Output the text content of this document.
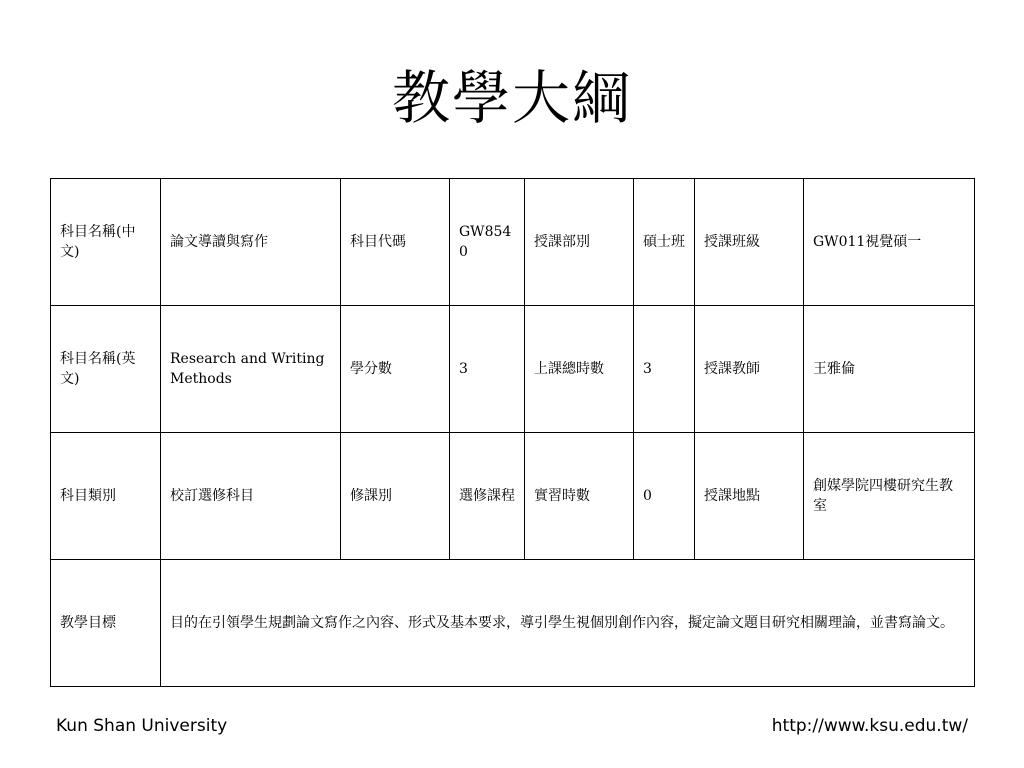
教學大綱
科目名稱(中文)	論文導讀與寫作	科目代碼	GW8540	授課部別	碩士班	授課班級	GW011視覺碩一
科目名稱(英文)	Research and Writing Methods	學分數	3	上課總時數	3	授課教師	王雅倫
科目類別	校訂選修科目	修課別	選修課程	實習時數	0	授課地點	創媒學院四樓研究生教室
教學目標	目的在引領學生規劃論文寫作之內容、形式及基本要求，導引學生視個別創作內容，擬定論文題目研究相關理論，並書寫論文。						
Kun Shan University	http://www.ksu.edu.tw/
